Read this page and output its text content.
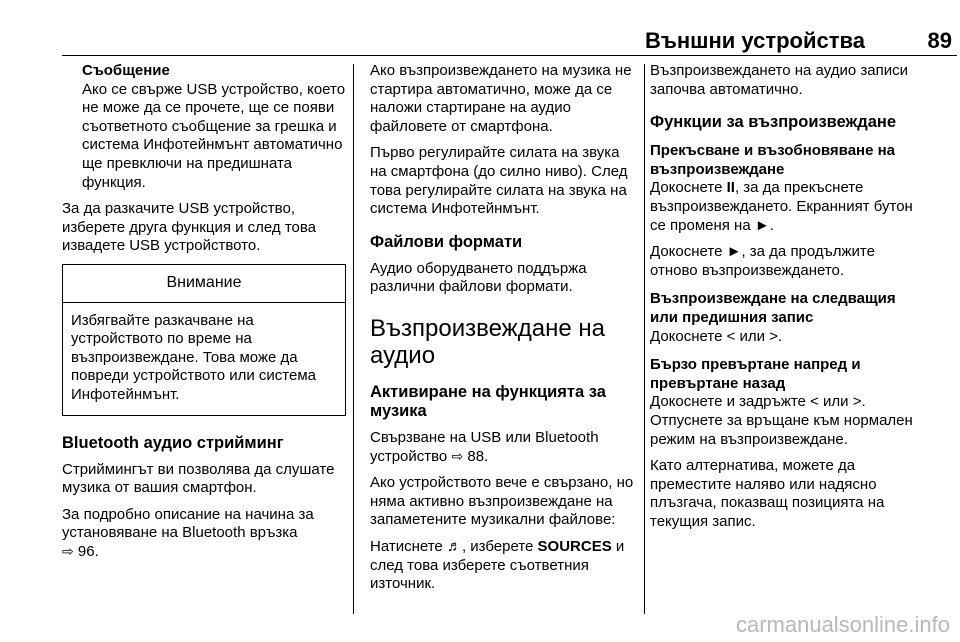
Външни устройства	89
Съобщение

Ако се свърже USB устройство, което не може да се прочете, ще се появи съответното съобщение за грешка и система Инфотейнмънт автоматично ще превключи на предишната функция.

За да разкачите USB устройство, изберете друга функция и след това извадете USB устройството.

Внимание
Избягвайте разкачване на устройството по време на възпроизвеждане. Това може да повреди устройството или система Инфотейнмънт.
Bluetooth аудио стрийминг

Стриймингът ви позволява да слушате музика от вашия смартфон.

За подробно описание на начина за установяване на Bluetooth връзка
⇨ 96.

Ако възпроизвеждането на музика не стартира автоматично, може да се наложи стартиране на аудио файловете от смартфона.

Първо регулирайте силата на звука на смартфона (до силно ниво). След това регулирайте силата на звука на система Инфотейнмънт.

Файлови формати

Аудио оборудването поддържа различни файлови формати.

Възпроизвеждане на аудио
Активиране на функцията за музика

Свързване на USB или Bluetooth устройство ⇨ 88.

Ако устройството вече е свързано, но няма активно възпроизвеждане на запаметените музикални файлове:

Натиснете ♬, изберете SOURCES и след това изберете съответния източник.

Възпроизвеждането на аудио записи започва автоматично.

Функции за възпроизвеждане
Прекъсване и възобновяване на възпроизвеждане

Докоснете II, за да прекъснете възпроизвеждането. Екранният бутон се променя на ►.

Докоснете ►, за да продължите отново възпроизвеждането.

Възпроизвеждане на следващия или предишния запис

Докоснете < или >.

Бързо превъртане напред и превъртане назад

Докоснете и задръжте < или >. Отпуснете за връщане към нормален режим на възпроизвеждане.

Като алтернатива, можете да преместите наляво или надясно плъзгача, показващ позицията на текущия запис.

carmanualsonline.info
